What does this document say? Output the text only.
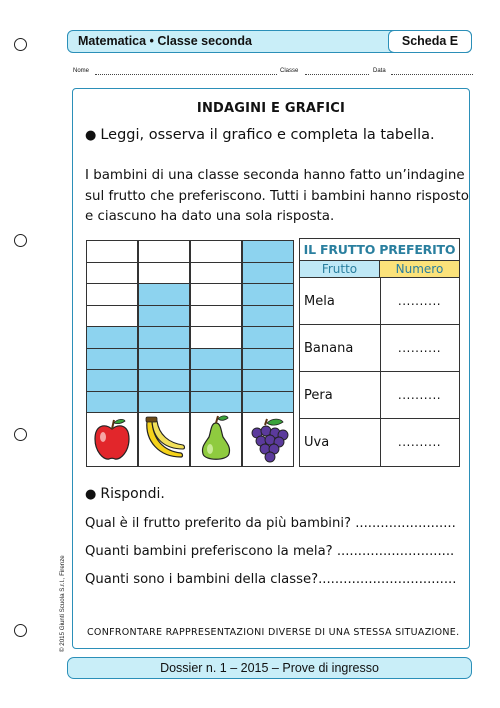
Matematica • Classe seconda	Scheda E
Nome	Classe	Data
INDAGINI E GRAFICI
● Leggi, osserva il grafico e completa la tabella.
I bambini di una classe seconda hanno fatto un’indagine sul frutto che preferiscono. Tutti i bambini hanno risposto e ciascuno ha dato una sola risposta.
IL FRUTTO PREFERITO
Frutto	Numero
Mela	..........
Banana	..........
Pera	..........
Uva	..........
● Rispondi.
Qual è il frutto preferito da più bambini? ........................
Quanti bambini preferiscono la mela? ............................
Quanti sono i bambini della classe?.................................
CONFRONTARE RAPPRESENTAZIONI DIVERSE DI UNA STESSA SITUAZIONE.
© 2015 Giunti Scuola S.r.l., Firenze
Dossier n. 1 – 2015 – Prove di ingresso
